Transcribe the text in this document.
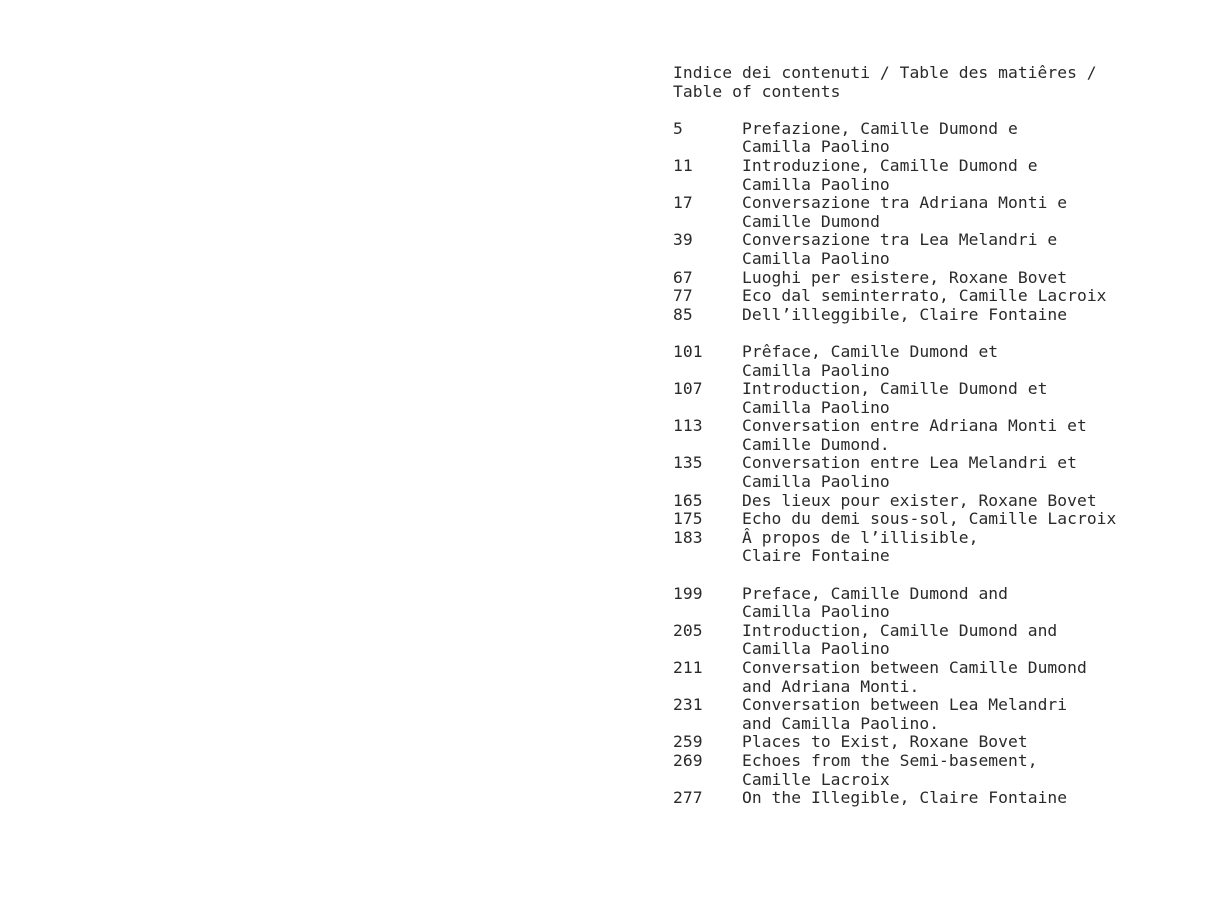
Indice dei contenuti / Table des matiêres /
Table of contents
5	Prefazione, Camille Dumond e
Camilla Paolino
11	Introduzione, Camille Dumond e
Camilla Paolino
17	Conversazione tra Adriana Monti e
Camille Dumond
39	Conversazione tra Lea Melandri e
Camilla Paolino
67	Luoghi per esistere, Roxane Bovet
77	Eco dal seminterrato, Camille Lacroix
85	Dell’illeggibile, Claire Fontaine
101	Prêface, Camille Dumond et
Camilla Paolino
107	Introduction, Camille Dumond et
Camilla Paolino
113	Conversation entre Adriana Monti et
Camille Dumond.
135	Conversation entre Lea Melandri et
Camilla Paolino
165	Des lieux pour exister, Roxane Bovet
175	Echo du demi sous-sol, Camille Lacroix
183	Â propos de l’illisible,
Claire Fontaine
199	Preface, Camille Dumond and
Camilla Paolino
205	Introduction, Camille Dumond and
Camilla Paolino
211	Conversation between Camille Dumond
and Adriana Monti.
231	Conversation between Lea Melandri
and Camilla Paolino.
259	Places to Exist, Roxane Bovet
269	Echoes from the Semi-basement,
Camille Lacroix
277	On the Illegible, Claire Fontaine
